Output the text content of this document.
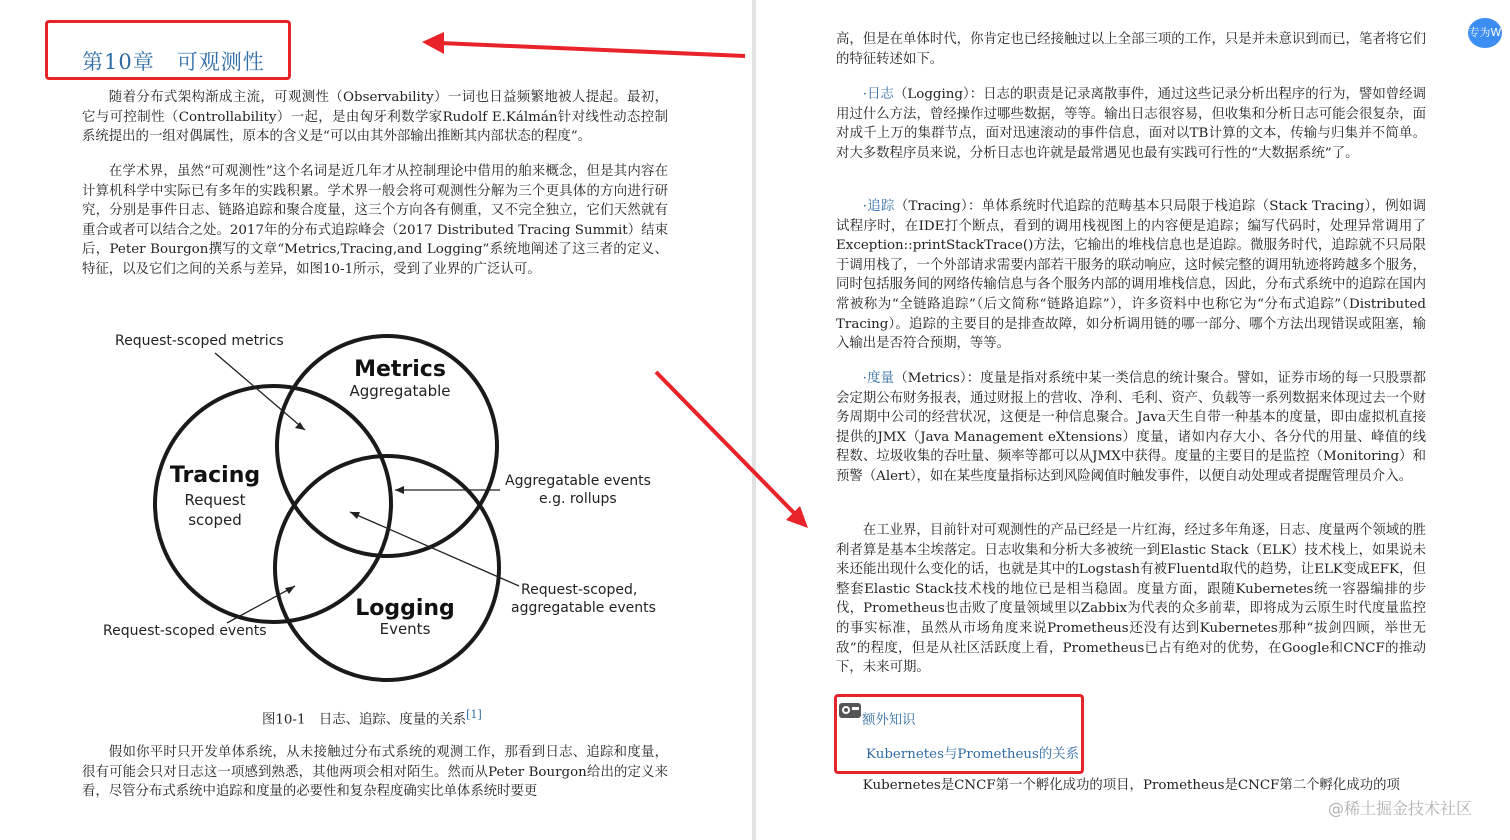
第10章　可观测性

随着分布式架构渐成主流，可观测性（Observability）一词也日益频繁地被人提起。最初，它与可控制性（Controllability）一起，是由匈牙利数学家Rudolf E.Kálmán针对线性动态控制系统提出的一组对偶属性，原本的含义是“可以由其外部输出推断其内部状态的程度”。

在学术界，虽然“可观测性”这个名词是近几年才从控制理论中借用的舶来概念，但是其内容在计算机科学中实际已有多年的实践积累。学术界一般会将可观测性分解为三个更具体的方向进行研究，分别是事件日志、链路追踪和聚合度量，这三个方向各有侧重，又不完全独立，它们天然就有重合或者可以结合之处。2017年的分布式追踪峰会（2017 Distributed Tracing Summit）结束后，Peter Bourgon撰写的文章“Metrics,Tracing,and Logging”系统地阐述了这三者的定义、特征，以及它们之间的关系与差异，如图10-1所示，受到了业界的广泛认可。

Metrics
Aggregatable
Tracing
Request
scoped
Logging
Events
Request-scoped metrics
Aggregatable events
e.g. rollups
Request-scoped,
aggregatable events
Request-scoped events
图10-1　日志、追踪、度量的关系[1]

假如你平时只开发单体系统，从未接触过分布式系统的观测工作，那看到日志、追踪和度量，很有可能会只对日志这一项感到熟悉，其他两项会相对陌生。然而从Peter Bourgon给出的定义来看，尽管分布式系统中追踪和度量的必要性和复杂程度确实比单体系统时要更

高，但是在单体时代，你肯定也已经接触过以上全部三项的工作，只是并未意识到而已，笔者将它们的特征转述如下。

·日志（Logging）：日志的职责是记录离散事件，通过这些记录分析出程序的行为，譬如曾经调用过什么方法，曾经操作过哪些数据，等等。输出日志很容易，但收集和分析日志可能会很复杂，面对成千上万的集群节点，面对迅速滚动的事件信息，面对以TB计算的文本，传输与归集并不简单。对大多数程序员来说，分析日志也许就是最常遇见也最有实践可行性的“大数据系统”了。

·追踪（Tracing）：单体系统时代追踪的范畴基本只局限于栈追踪（Stack Tracing），例如调试程序时，在IDE打个断点，看到的调用栈视图上的内容便是追踪；编写代码时，处理异常调用了Exception::printStackTrace()方法，它输出的堆栈信息也是追踪。微服务时代，追踪就不只局限于调用栈了，一个外部请求需要内部若干服务的联动响应，这时候完整的调用轨迹将跨越多个服务，同时包括服务间的网络传输信息与各个服务内部的调用堆栈信息，因此，分布式系统中的追踪在国内常被称为“全链路追踪”（后文简称“链路追踪”），许多资料中也称它为“分布式追踪”（Distributed Tracing）。追踪的主要目的是排查故障，如分析调用链的哪一部分、哪个方法出现错误或阻塞，输入输出是否符合预期，等等。

·度量（Metrics）：度量是指对系统中某一类信息的统计聚合。譬如，证券市场的每一只股票都会定期公布财务报表，通过财报上的营收、净利、毛利、资产、负载等一系列数据来体现过去一个财务周期中公司的经营状况，这便是一种信息聚合。Java天生自带一种基本的度量，即由虚拟机直接提供的JMX（Java Management eXtensions）度量，诸如内存大小、各分代的用量、峰值的线程数、垃圾收集的吞吐量、频率等都可以从JMX中获得。度量的主要目的是监控（Monitoring）和预警（Alert），如在某些度量指标达到风险阈值时触发事件，以便自动处理或者提醒管理员介入。

在工业界，目前针对可观测性的产品已经是一片红海，经过多年角逐，日志、度量两个领域的胜利者算是基本尘埃落定。日志收集和分析大多被统一到Elastic Stack（ELK）技术栈上，如果说未来还能出现什么变化的话，也就是其中的Logstash有被Fluentd取代的趋势，让ELK变成EFK，但整套Elastic Stack技术栈的地位已是相当稳固。度量方面，跟随Kubernetes统一容器编排的步伐，Prometheus也击败了度量领域里以Zabbix为代表的众多前辈，即将成为云原生时代度量监控的事实标准，虽然从市场角度来说Prometheus还没有达到Kubernetes那种“拔剑四顾，举世无敌”的程度，但是从社区活跃度上看，Prometheus已占有绝对的优势，在Google和CNCF的推动下，未来可期。

Kubernetes是CNCF第一个孵化成功的项目，Prometheus是CNCF第二个孵化成功的项

额外知识
Kubernetes与Prometheus的关系
专为W
@稀土掘金技术社区
